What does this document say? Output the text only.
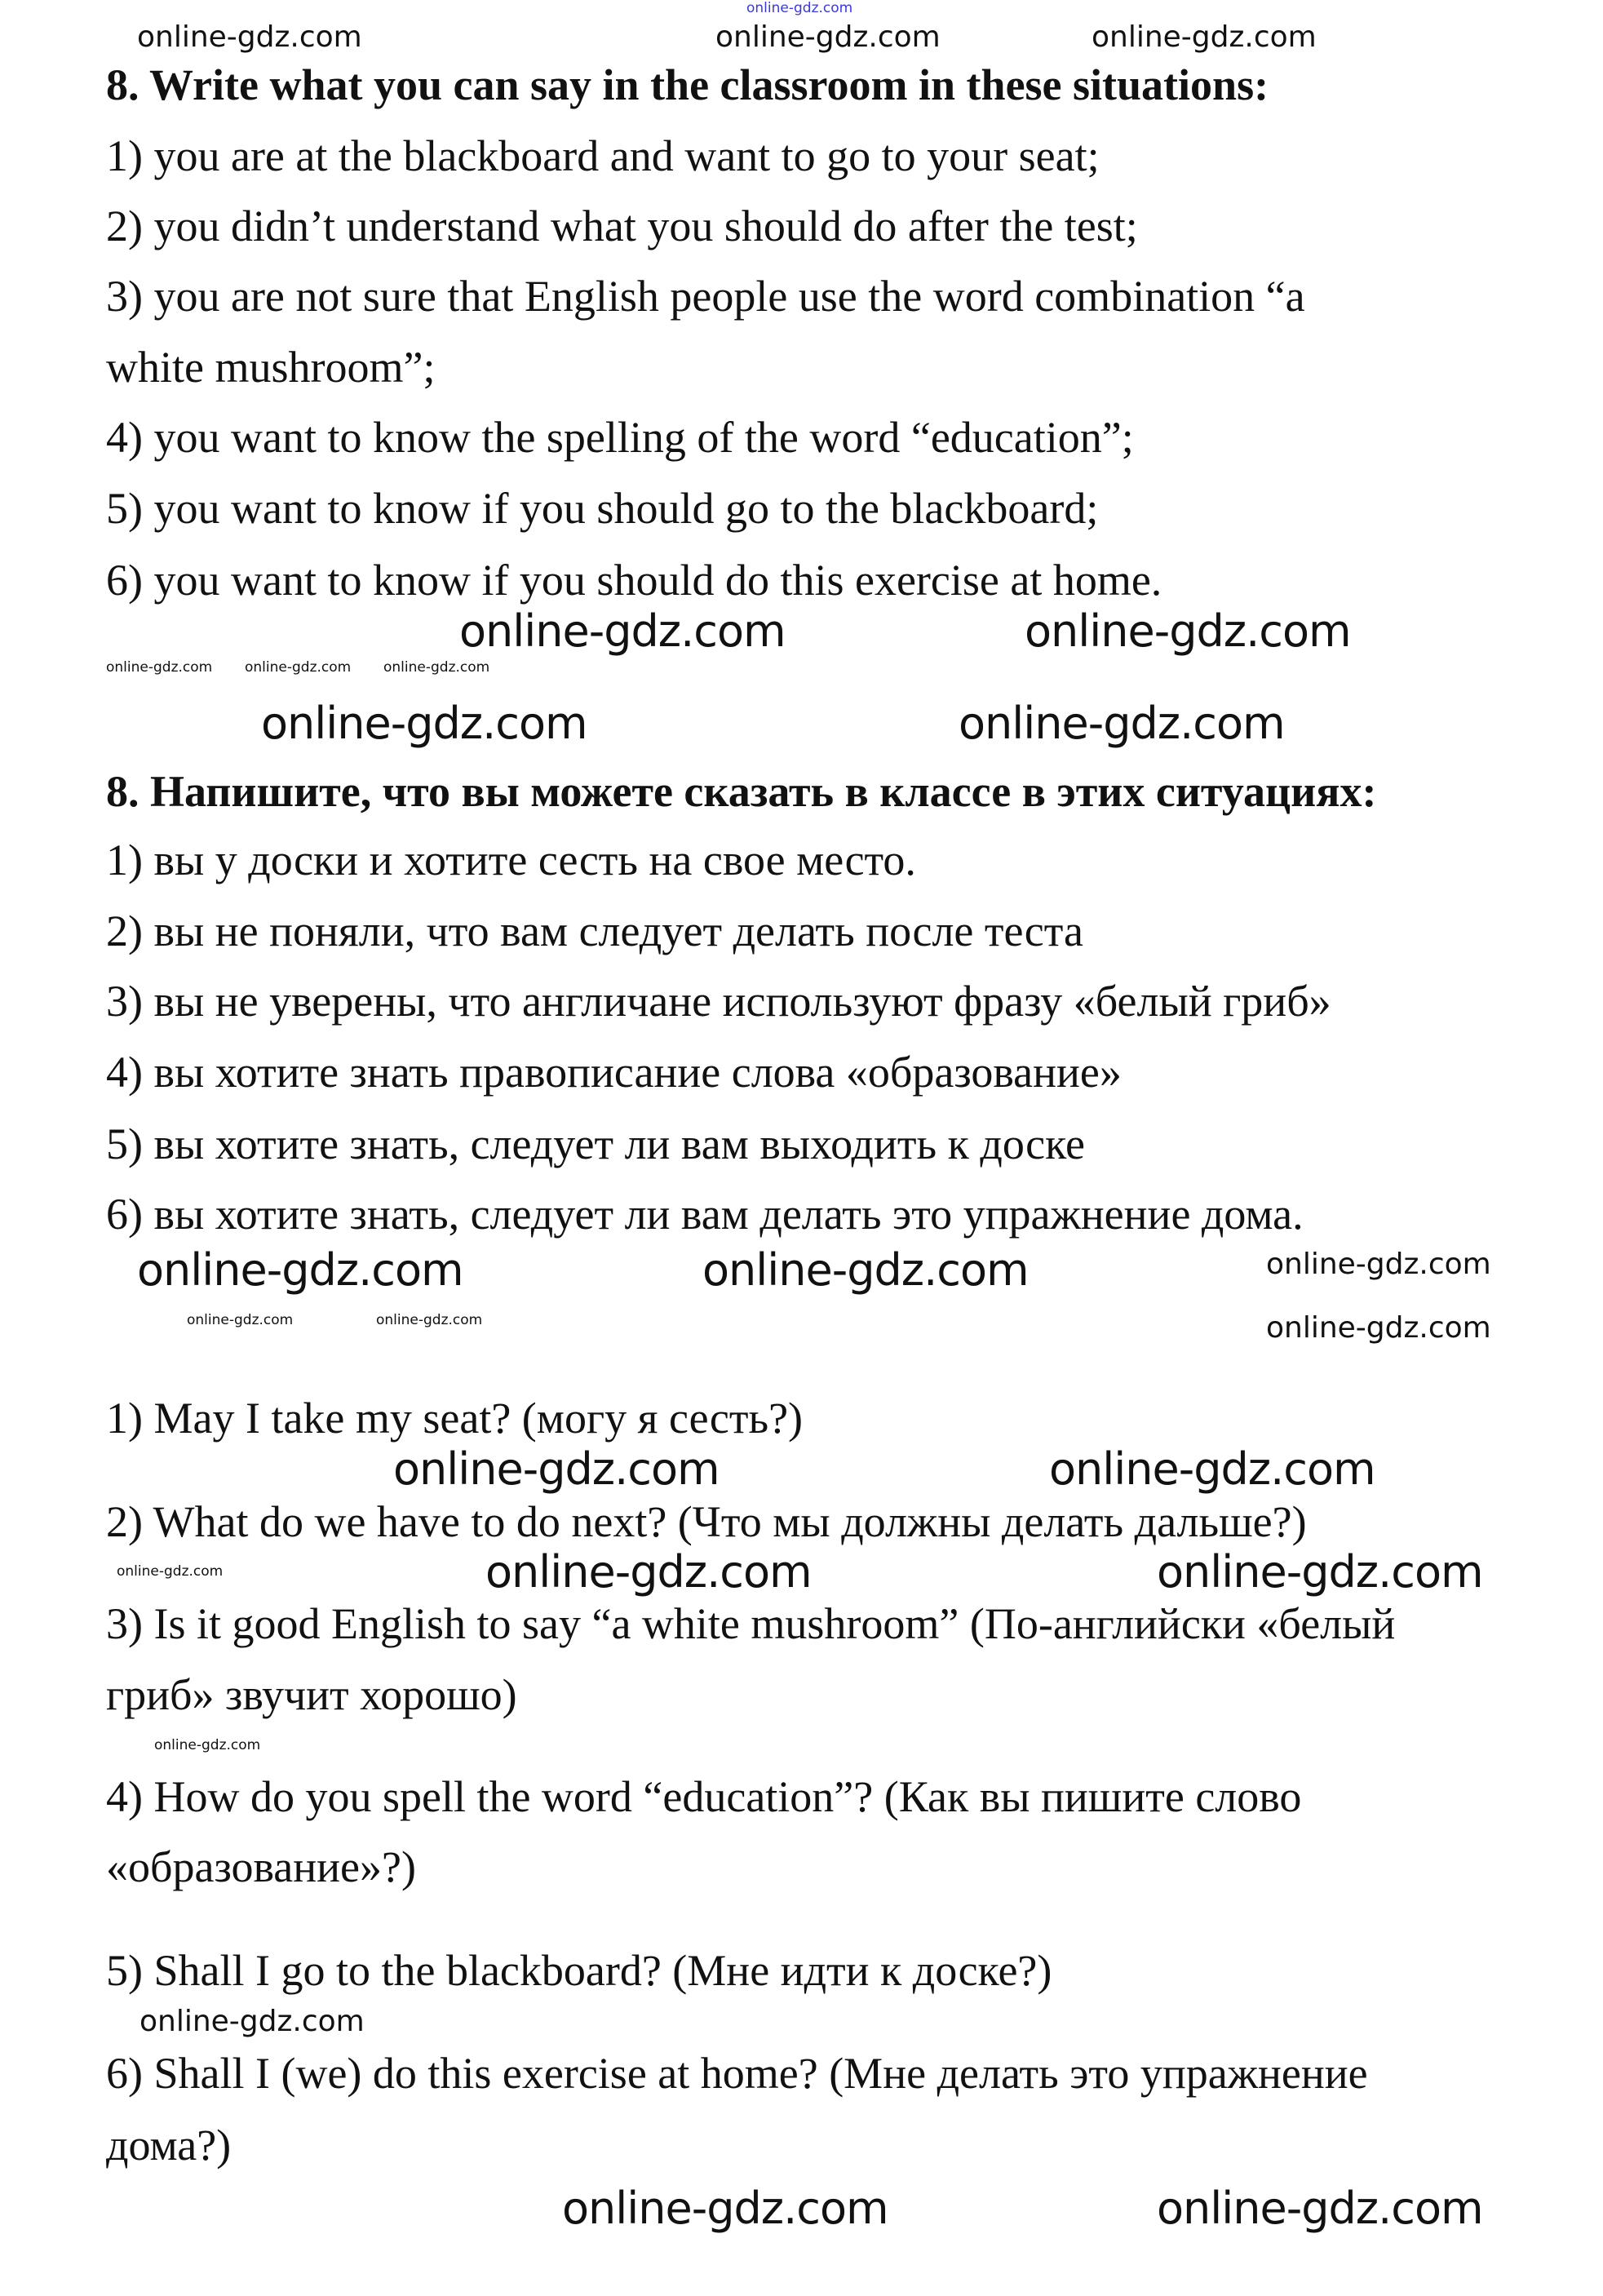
8. Write what you can say in the classroom in these situations:
1) you are at the blackboard and want to go to your seat;
2) you didn’t understand what you should do after the test;
3) you are not sure that English people use the word combination “a
white mushroom”;
4) you want to know the spelling of the word “education”;
5) you want to know if you should go to the blackboard;
6) you want to know if you should do this exercise at home.
8. Напишите, что вы можете сказать в классе в этих ситуациях:
1) вы у доски и хотите сесть на свое место.
2) вы не поняли, что вам следует делать после теста
3) вы не уверены, что англичане используют фразу «белый гриб»
4) вы хотите знать правописание слова «образование»
5) вы хотите знать, следует ли вам выходить к доске
6) вы хотите знать, следует ли вам делать это упражнение дома.
1) May I take my seat? (могу я сесть?)
2) What do we have to do next? (Что мы должны делать дальше?)
3) Is it good English to say “a white mushroom” (По-английски «белый
гриб» звучит хорошо)
4) How do you spell the word “education”? (Как вы пишите слово
«образование»?)
5) Shall I go to the blackboard? (Мне идти к доске?)
6) Shall I (we) do this exercise at home? (Мне делать это упражнение
дома?)
online-gdz.com
online-gdz.com	online-gdz.com	online-gdz.com
online-gdz.com	online-gdz.com
online-gdz.com online-gdz.com online-gdz.com
online-gdz.com	online-gdz.com
online-gdz.com	online-gdz.com	online-gdz.com
online-gdz.com	online-gdz.com	online-gdz.com
online-gdz.com	online-gdz.com
online-gdz.com	online-gdz.com	online-gdz.com
online-gdz.com
online-gdz.com
online-gdz.com	online-gdz.com
